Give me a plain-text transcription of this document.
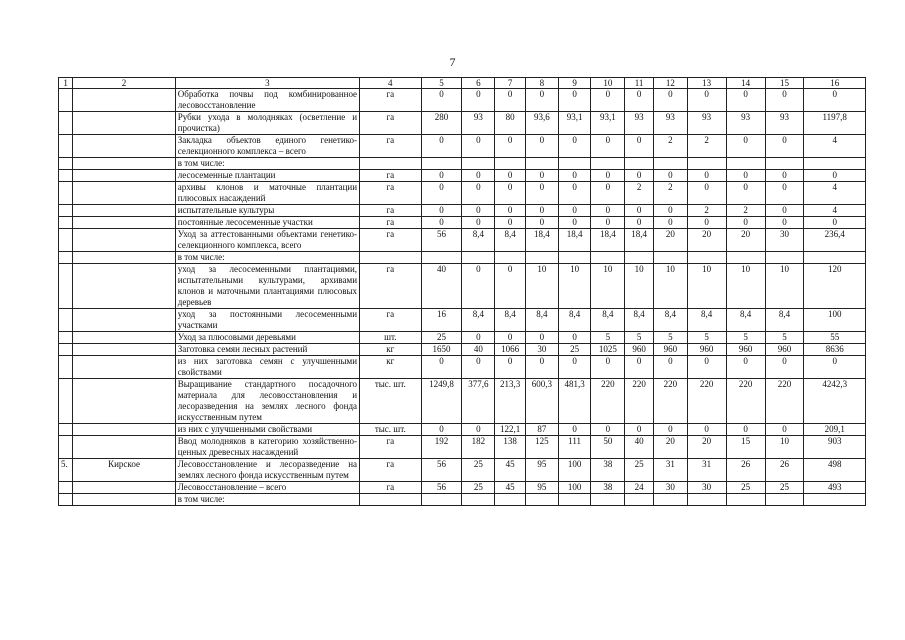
7
1	2	3	4	5	6	7	8	9	10	11	12	13	14	15	16
		Обработка почвы под комбинированное лесовосстановление	га	0	0	0	0	0	0	0	0	0	0	0	0
		Рубки ухода в молодняках (осветление и прочистка)	га	280	93	80	93,6	93,1	93,1	93	93	93	93	93	1197,8
		Закладка объектов единого генетико-селекционного комплекса – всего	га	0	0	0	0	0	0	0	2	2	0	0	4
		в том числе:													
		лесосеменные плантации	га	0	0	0	0	0	0	0	0	0	0	0	0
		архивы клонов и маточные плантации плюсовых насаждений	га	0	0	0	0	0	0	2	2	0	0	0	4
		испытательные культуры	га	0	0	0	0	0	0	0	0	2	2	0	4
		постоянные лесосеменные участки	га	0	0	0	0	0	0	0	0	0	0	0	0
		Уход за аттестованными объектами генетико-селекционного комплекса, всего	га	56	8,4	8,4	18,4	18,4	18,4	18,4	20	20	20	30	236,4
		в том числе:													
		уход за лесосеменными плантациями, испытательными культурами, архивами клонов и маточными плантациями плюсовых деревьев	га	40	0	0	10	10	10	10	10	10	10	10	120
		уход за постоянными лесосеменными участками	га	16	8,4	8,4	8,4	8,4	8,4	8,4	8,4	8,4	8,4	8,4	100
		Уход за плюсовыми деревьями	шт.	25	0	0	0	0	5	5	5	5	5	5	55
		Заготовка семян лесных растений	кг	1650	40	1066	30	25	1025	960	960	960	960	960	8636
		из них заготовка семян с улучшенными свойствами	кг	0	0	0	0	0	0	0	0	0	0	0	0
		Выращивание стандартного посадочного материала для лесовосстановления и лесоразведения на землях лесного фонда искусственным путем	тыс. шт.	1249,8	377,6	213,3	600,3	481,3	220	220	220	220	220	220	4242,3
		из них с улучшенными свойствами	тыс. шт.	0	0	122,1	87	0	0	0	0	0	0	0	209,1
		Ввод молодняков в категорию хозяйственно-ценных древесных насаждений	га	192	182	138	125	111	50	40	20	20	15	10	903
5.	Кирское	Лесовосстановление и лесоразведение на землях лесного фонда искусственным путем	га	56	25	45	95	100	38	25	31	31	26	26	498
		Лесовосстановление – всего	га	56	25	45	95	100	38	24	30	30	25	25	493
		в том числе:													
